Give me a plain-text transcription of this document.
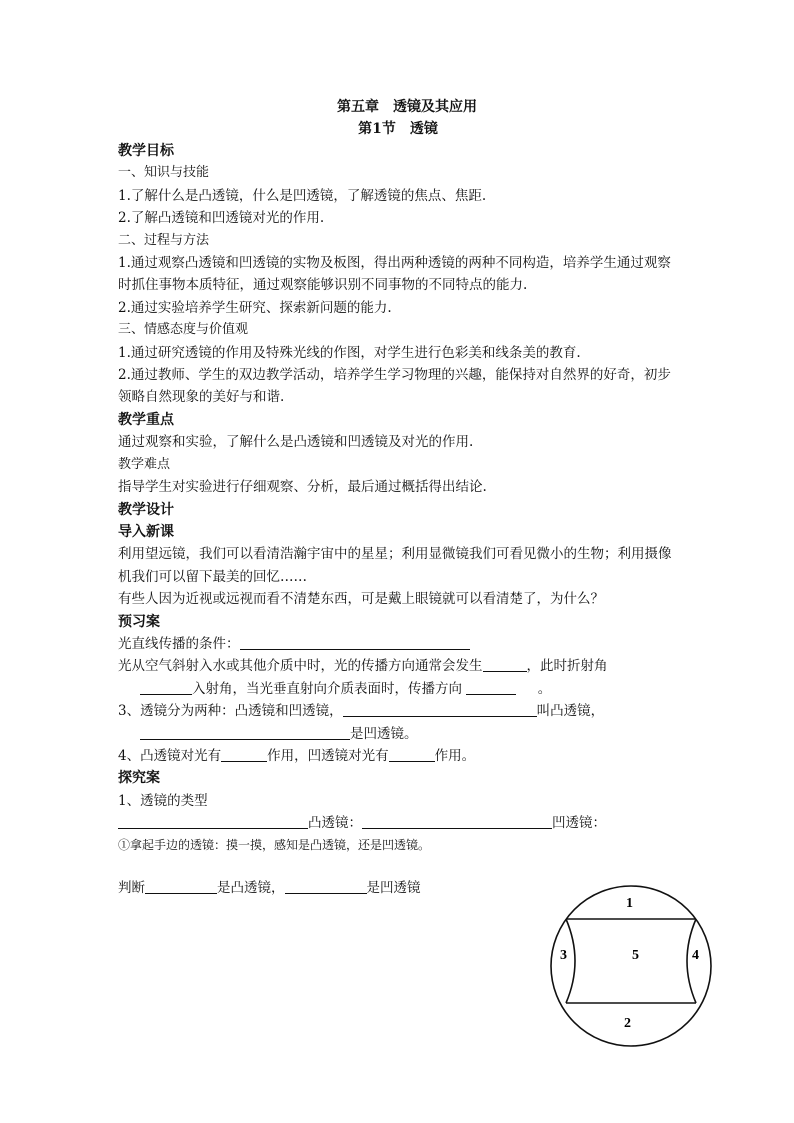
第五章　透镜及其应用
第1节　透镜
教学目标
一、知识与技能
1.了解什么是凸透镜，什么是凹透镜，了解透镜的焦点、焦距.
2.了解凸透镜和凹透镜对光的作用.
二、过程与方法
1.通过观察凸透镜和凹透镜的实物及板图，得出两种透镜的两种不同构造，培养学生通过观察时抓住事物本质特征，通过观察能够识别不同事物的不同特点的能力.
2.通过实验培养学生研究、探索新问题的能力.
三、情感态度与价值观
1.通过研究透镜的作用及特殊光线的作图，对学生进行色彩美和线条美的教育.
2.通过教师、学生的双边教学活动，培养学生学习物理的兴趣，能保持对自然界的好奇，初步领略自然现象的美好与和谐.
教学重点
通过观察和实验，了解什么是凸透镜和凹透镜及对光的作用.
教学难点
指导学生对实验进行仔细观察、分析，最后通过概括得出结论.
教学设计
导入新课
利用望远镜，我们可以看清浩瀚宇宙中的星星；利用显微镜我们可看见微小的生物；利用摄像机我们可以留下最美的回忆……
有些人因为近视或远视而看不清楚东西，可是戴上眼镜就可以看清楚了，为什么？
预习案
光直线传播的条件：
光从空气斜射入水或其他介质中时，光的传播方向通常会发生	，此时折射角
入射角，当光垂直射向介质表面时，传播方向	。
3、透镜分为两种：凸透镜和凹透镜，	叫凸透镜，
是凹透镜。
4、凸透镜对光有	作用，凹透镜对光有	作用。
探究案
1、透镜的类型
凸透镜：	凹透镜：
①拿起手边的透镜：摸一摸，感知是凸透镜，还是凹透镜。
判断	是凸透镜，	是凹透镜
1
2
3	4
5
